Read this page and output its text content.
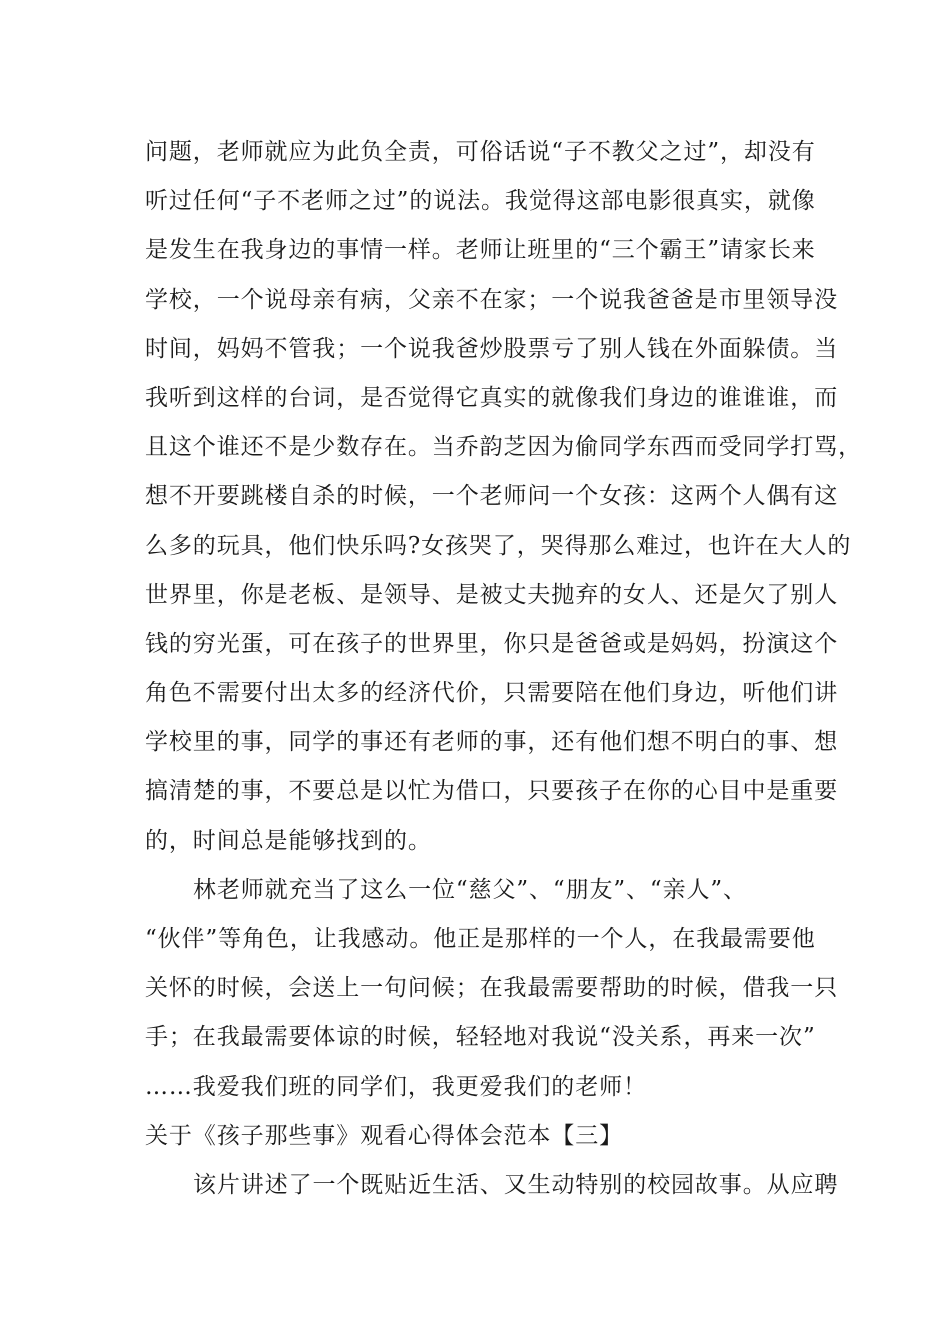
问题，老师就应为此负全责，可俗话说“子不教父之过”，却没有
听过任何“子不老师之过”的说法。我觉得这部电影很真实，就像
是发生在我身边的事情一样。老师让班里的“三个霸王”请家长来
学校，一个说母亲有病，父亲不在家；一个说我爸爸是市里领导没
时间，妈妈不管我；一个说我爸炒股票亏了别人钱在外面躲债。当
我听到这样的台词，是否觉得它真实的就像我们身边的谁谁谁，而
且这个谁还不是少数存在。当乔韵芝因为偷同学东西而受同学打骂，
想不开要跳楼自杀的时候，一个老师问一个女孩：这两个人偶有这
么多的玩具，他们快乐吗?女孩哭了，哭得那么难过，也许在大人的
世界里，你是老板、是领导、是被丈夫抛弃的女人、还是欠了别人
钱的穷光蛋，可在孩子的世界里，你只是爸爸或是妈妈，扮演这个
角色不需要付出太多的经济代价，只需要陪在他们身边，听他们讲
学校里的事，同学的事还有老师的事，还有他们想不明白的事、想
搞清楚的事，不要总是以忙为借口，只要孩子在你的心目中是重要
的，时间总是能够找到的。
林老师就充当了这么一位“慈父”、“朋友”、“亲人”、
“伙伴”等角色，让我感动。他正是那样的一个人，在我最需要他
关怀的时候，会送上一句问候；在我最需要帮助的时候，借我一只
手；在我最需要体谅的时候，轻轻地对我说“没关系，再来一次”
……我爱我们班的同学们，我更爱我们的老师！
关于《孩子那些事》观看心得体会范本【三】
该片讲述了一个既贴近生活、又生动特别的校园故事。从应聘
